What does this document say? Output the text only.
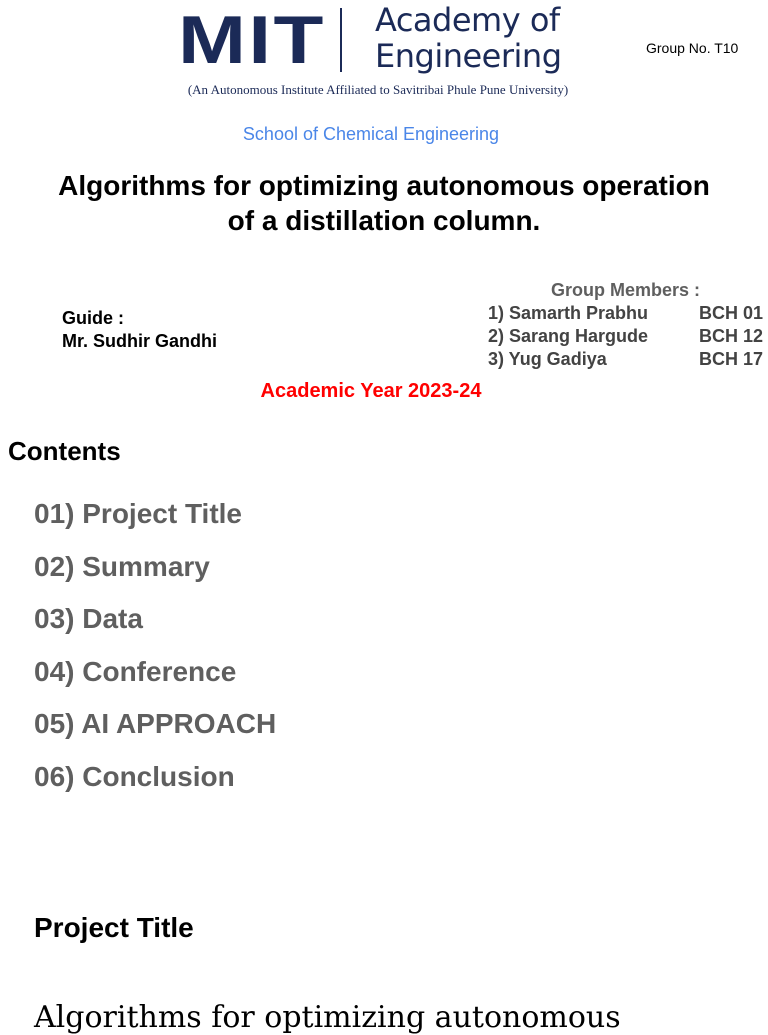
MIT Academy of
Engineering
(An Autonomous Institute Affiliated to Savitribai Phule Pune University)
Group No. T10
School of Chemical Engineering
Algorithms for optimizing autonomous operation
of a distillation column.
Guide :
Mr. Sudhir Gandhi
Group Members :
1) Samarth Prabhu	BCH 01
2) Sarang Hargude	BCH 12
3) Yug Gadiya	BCH 17
Academic Year 2023-24
Contents
01) Project Title
02) Summary
03) Data
04) Conference
05) AI APPROACH
06) Conclusion
Project Title
Algorithms for optimizing autonomous
